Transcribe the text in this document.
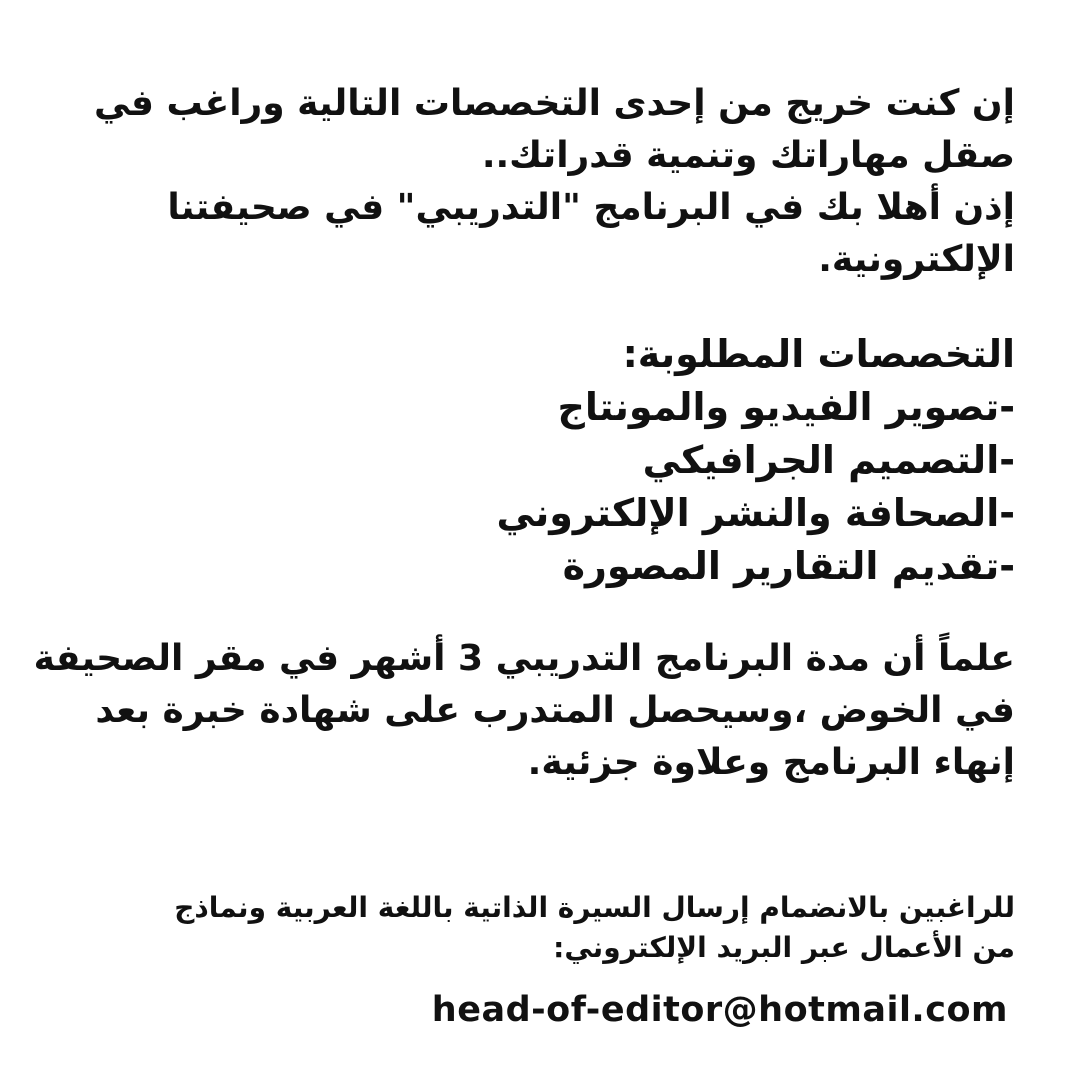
إن كنت خريج من إحدى التخصصات التالية وراغب في
صقل مهاراتك وتنمية قدراتك..
إذن أهلا بك في البرنامج "التدريبي" في صحيفتنا
الإلكترونية.
التخصصات المطلوبة:
-تصوير الفيديو والمونتاج
-التصميم الجرافيكي
-الصحافة والنشر الإلكتروني
-تقديم التقارير المصورة
علماً أن مدة البرنامج التدريبي 3 أشهر في مقر الصحيفة
في الخوض ،وسيحصل المتدرب على شهادة خبرة بعد
إنهاء البرنامج وعلاوة جزئية.
للراغبين بالانضمام إرسال السيرة الذاتية باللغة العربية ونماذج
من الأعمال عبر البريد الإلكتروني:
head-of-editor@hotmail.com
